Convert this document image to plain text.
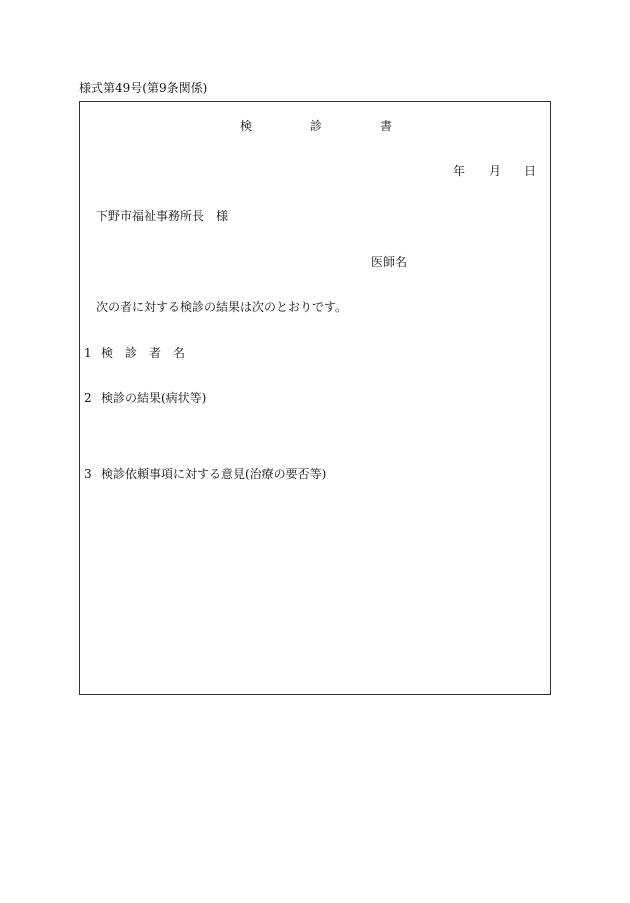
様式第49号(第9条関係)
検	診	書
年 月 日
下野市福祉事務所長　様
医師名
次の者に対する検診の結果は次のとおりです。
1 検　診　者　名
2 検診の結果(病状等)
3 検診依頼事項に対する意見(治療の要否等)
